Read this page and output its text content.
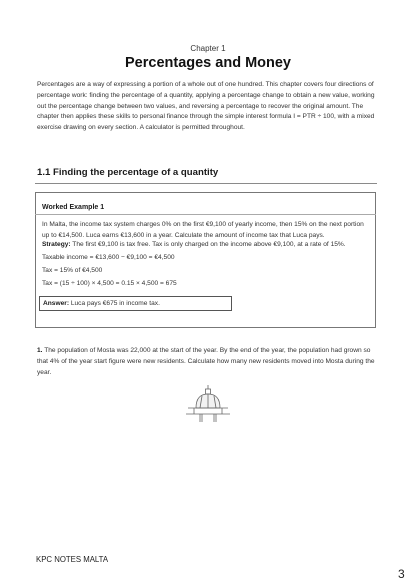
Chapter 1
Percentages and Money
Percentages are a way of expressing a portion of a whole out of one hundred. This chapter covers four directions of percentage work: finding the percentage of a quantity, applying a percentage change to obtain a new value, working out the percentage change between two values, and reversing a percentage to recover the original amount. The chapter then applies these skills to personal finance through the simple interest formula I = PTR ÷ 100, with a mixed exercise drawing on every section. A calculator is permitted throughout.
1.1 Finding the percentage of a quantity
Worked Example 1
In Malta, the income tax system charges 0% on the first €9,100 of yearly income, then 15% on the next portion up to €14,500. Luca earns €13,600 in a year. Calculate the amount of income tax that Luca pays.
Strategy: The first €9,100 is tax free. Tax is only charged on the income above €9,100, at a rate of 15%.
Taxable income = €13,600 − €9,100 = €4,500
Tax = 15% of €4,500
Tax = (15 ÷ 100) × 4,500 = 0.15 × 4,500 = 675
Answer: Luca pays €675 in income tax.
1. The population of Mosta was 22,000 at the start of the year. By the end of the year, the population had grown so that 4% of the year start figure were new residents. Calculate how many new residents moved into Mosta during the year.
KPC NOTES MALTA
3
